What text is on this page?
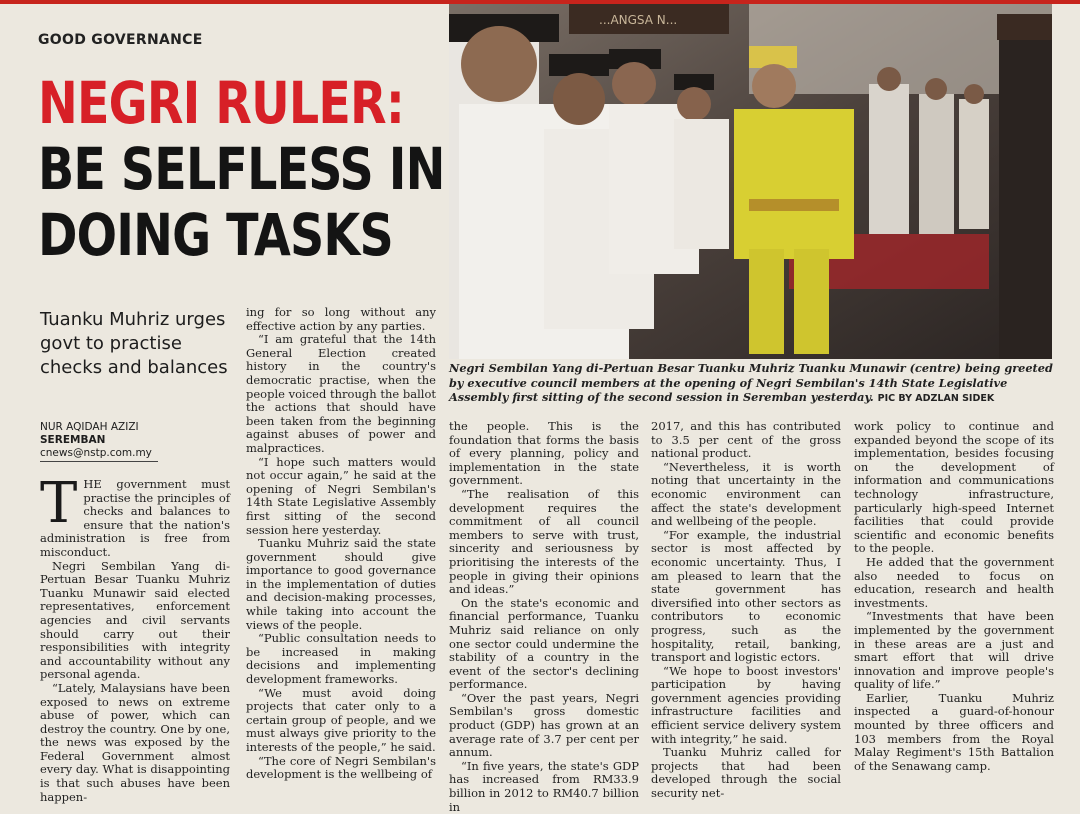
GOOD GOVERNANCE
NEGRI RULER:
BE SELFLESS IN
DOING TASKS
...ANGSA N...
Negri Sembilan Yang di-Pertuan Besar Tuanku Muhriz Tuanku Munawir (centre) being greeted by executive council members at the opening of Negri Sembilan's 14th State Legislative Assembly first sitting of the second session in Seremban yesterday. PIC BY ADZLAN SIDEK
Tuanku Muhriz urges govt to practise checks and balances
NUR AQIDAH AZIZI
SEREMBAN
cnews@nstp.com.my

THE government must practise the principles of checks and balances to ensure that the nation's administration is free from misconduct.

Negri Sembilan Yang di-Pertuan Besar Tuanku Muhriz Tuanku Munawir said elected representatives, enforcement agencies and civil servants should carry out their responsibilities with integrity and accountability without any personal agenda.

“Lately, Malaysians have been exposed to news on extreme abuse of power, which can destroy the country. One by one, the news was exposed by the Federal Government almost every day. What is disappointing is that such abuses have been happen-

ing for so long without any effective action by any parties.

“I am grateful that the 14th General Election created history in the country's democratic practise, when the people voiced through the ballot the actions that should have been taken from the beginning against abuses of power and malpractices.

“I hope such matters would not occur again,” he said at the opening of Negri Sembilan's 14th State Legislative Assembly first sitting of the second session here yesterday.

Tuanku Muhriz said the state government should give importance to good governance in the implementation of duties and decision-making processes, while taking into account the views of the people.

“Public consultation needs to be increased in making decisions and implementing development frameworks.

“We must avoid doing projects that cater only to a certain group of people, and we must always give priority to the interests of the people,” he said.

“The core of Negri Sembilan's development is the wellbeing of

the people. This is the foundation that forms the basis of every planning, policy and implementation in the state government.

“The realisation of this development requires the commitment of all council members to serve with trust, sincerity and seriousness by prioritising the interests of the people in giving their opinions and ideas.”

On the state's economic and financial performance, Tuanku Muhriz said reliance on only one sector could undermine the stability of a country in the event of the sector's declining performance.

“Over the past years, Negri Sembilan's gross domestic product (GDP) has grown at an average rate of 3.7 per cent per annum.

“In five years, the state's GDP has increased from RM33.9 billion in 2012 to RM40.7 billion in

2017, and this has contributed to 3.5 per cent of the gross national product.

“Nevertheless, it is worth noting that uncertainty in the economic environment can affect the state's development and wellbeing of the people.

“For example, the industrial sector is most affected by economic uncertainty. Thus, I am pleased to learn that the state government has diversified into other sectors as contributors to economic progress, such as the hospitality, retail, banking, transport and logistic ectors.

“We hope to boost investors' participation by having government agencies providing infrastructure facilities and efficient service delivery system with integrity,” he said.

Tuanku Muhriz called for projects that had been developed through the social security net-

work policy to continue and expanded beyond the scope of its implementation, besides focusing on the development of information and communications technology infrastructure, particularly high-speed Internet facilities that could provide scientific and economic benefits to the people.

He added that the government also needed to focus on education, research and health investments.

“Investments that have been implemented by the government in these areas are a just and smart effort that will drive innovation and improve people's quality of life.”

Earlier, Tuanku Muhriz inspected a guard-of-honour mounted by three officers and 103 members from the Royal Malay Regiment's 15th Battalion of the Senawang camp.
